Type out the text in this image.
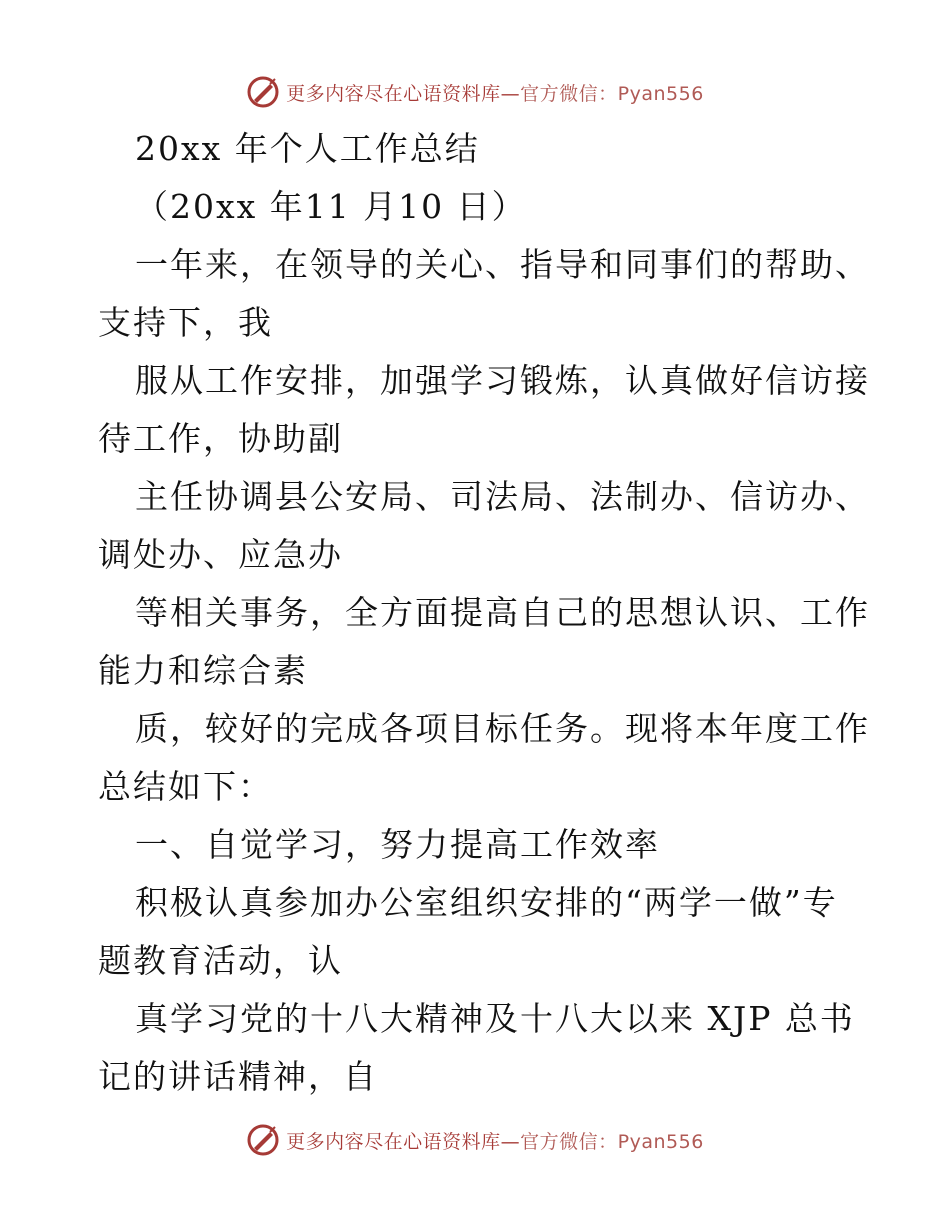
更多内容尽在心语资料库— 官方微信：Pyan556
20xx 年个人工作总结
（20xx 年11 月10 日）
一年来，在领导的关心、指导和同事们的帮助、
支持下，我
服从工作安排，加强学习锻炼，认真做好信访接
待工作，协助副
主任协调县公安局、司法局、法制办、信访办、
调处办、应急办
等相关事务，全方面提高自己的思想认识、工作
能力和综合素
质，较好的完成各项目标任务。现将本年度工作
总结如下：
一、自觉学习，努力提高工作效率
积极认真参加办公室组织安排的“两学一做”专
题教育活动，认
真学习党的十八大精神及十八大以来 XJP 总书
记的讲话精神，自
更多内容尽在心语资料库— 官方微信：Pyan556
